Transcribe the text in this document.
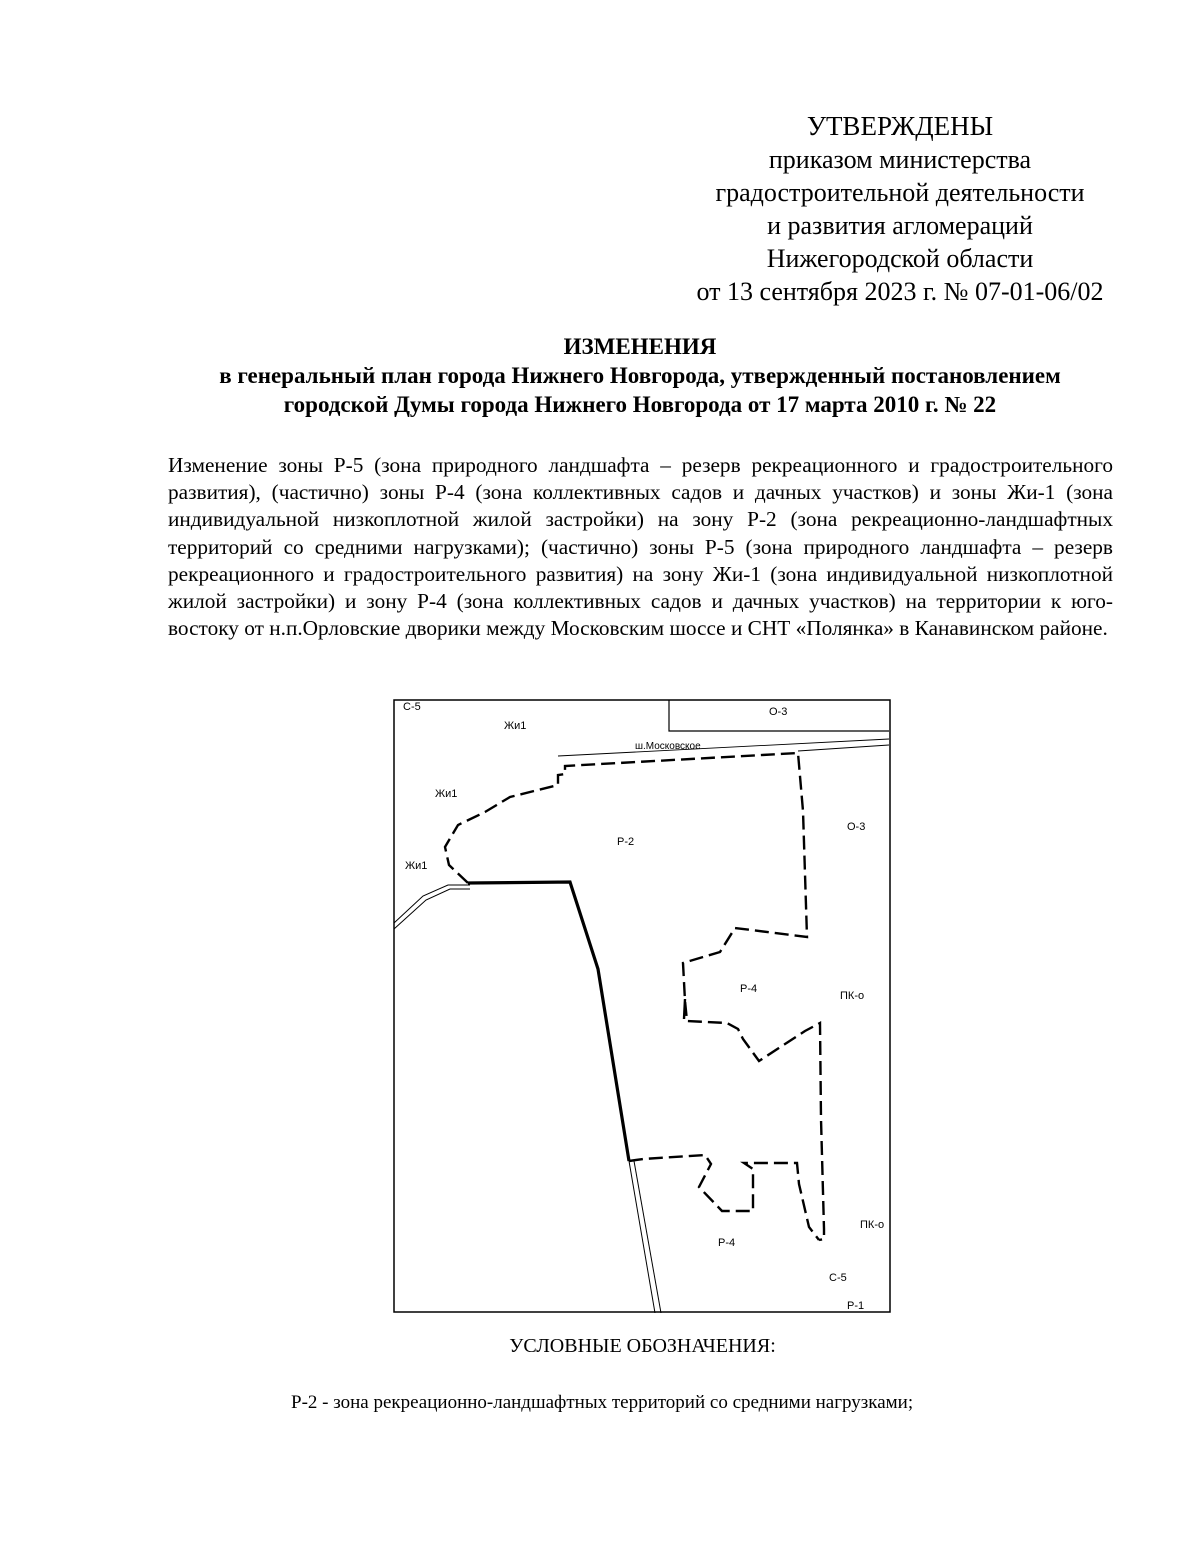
УТВЕРЖДЕНЫ
приказом министерства
градостроительной деятельности
и развития агломераций
Нижегородской области
от 13 сентября 2023 г. № 07-01-06/02
ИЗМЕНЕНИЯ
в генеральный план города Нижнего Новгорода, утвержденный постановлением
городской Думы города Нижнего Новгорода от 17 марта 2010 г. № 22
Изменение зоны Р-5 (зона природного ландшафта – резерв рекреационного и градостроительного развития), (частично) зоны Р-4 (зона коллективных садов и дачных участков) и зоны Жи-1 (зона индивидуальной низкоплотной жилой застройки) на зону Р-2 (зона рекреационно-ландшафтных территорий со средними нагрузками); (частично) зоны Р-5 (зона природного ландшафта – резерв рекреационного и градостроительного развития) на зону Жи-1 (зона индивидуальной низкоплотной жилой застройки) и зону Р-4 (зона коллективных садов и дачных участков) на территории к юго-востоку от н.п.Орловские дворики между Московским шоссе и СНТ «Полянка» в Канавинском районе.
С-5
Жи1
О-3
ш.Московское
Жи1
Жи1
Р-2
О-3
Р-4
ПК-о
ПК-о
Р-4
С-5
Р-1
УСЛОВНЫЕ ОБОЗНАЧЕНИЯ:
Р-2 - зона рекреационно-ландшафтных территорий со средними нагрузками;
